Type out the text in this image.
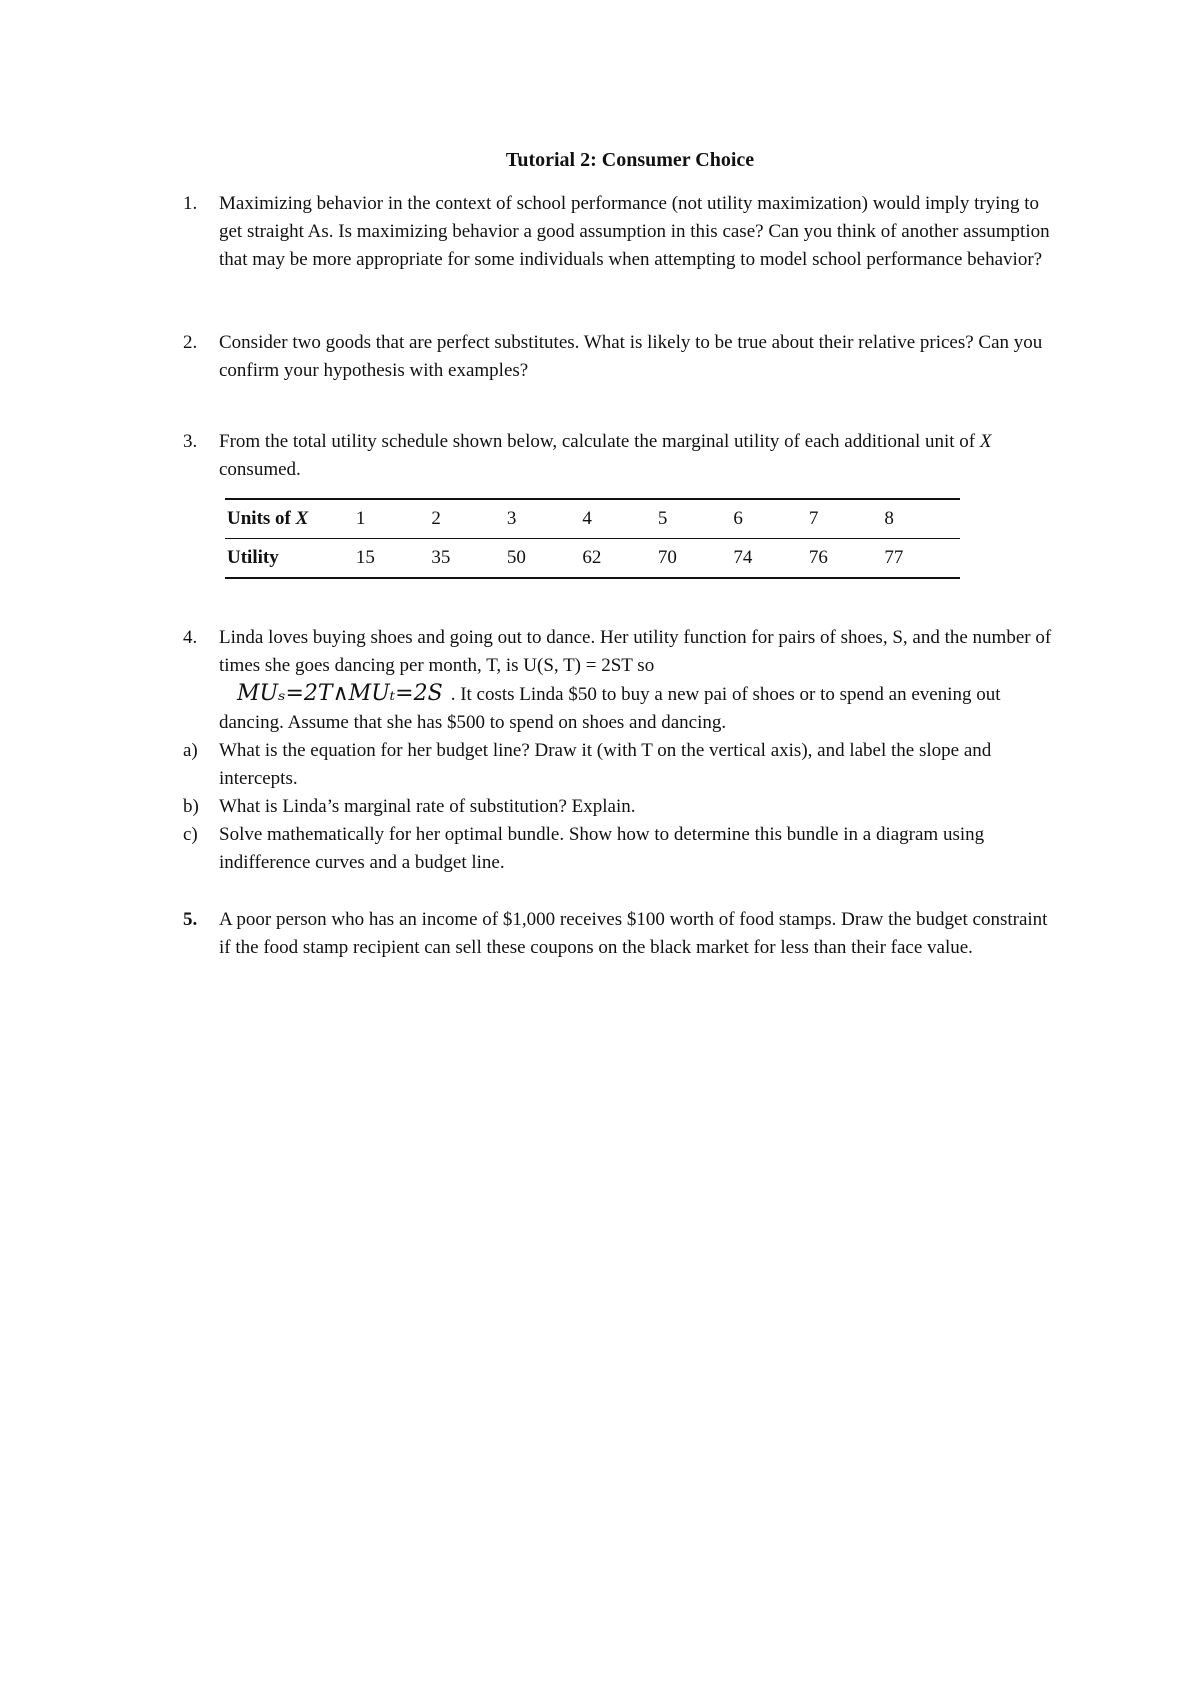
Tutorial 2: Consumer Choice
1.	Maximizing behavior in the context of school performance (not utility maximization) would imply trying to get straight As. Is maximizing behavior a good assumption in this case? Can you think of another assumption that may be more appropriate for some individuals when attempting to model school performance behavior?
2.	Consider two goods that are perfect substitutes. What is likely to be true about their relative prices? Can you confirm your hypothesis with examples?
3.	From the total utility schedule shown below, calculate the marginal utility of each additional unit of X consumed.
Units of X	1	2	3	4	5	6	7	8
Utility	15	35	50	62	70	74	76	77
4.	Linda loves buying shoes and going out to dance. Her utility function for pairs of shoes, S, and the number of times she goes dancing per month, T, is U(S, T) = 2ST so
MUₛ=2T∧MUₜ=2S . It costs Linda $50 to buy a new pai of shoes or to spend an evening out dancing. Assume that she has $500 to spend on shoes and dancing.
a) What is the equation for her budget line? Draw it (with T on the vertical axis), and label the slope and intercepts.
b) What is Linda’s marginal rate of substitution? Explain.
c) Solve mathematically for her optimal bundle. Show how to determine this bundle in a diagram using indifference curves and a budget line.
5.	A poor person who has an income of $1,000 receives $100 worth of food stamps. Draw the budget constraint if the food stamp recipient can sell these coupons on the black market for less than their face value.
